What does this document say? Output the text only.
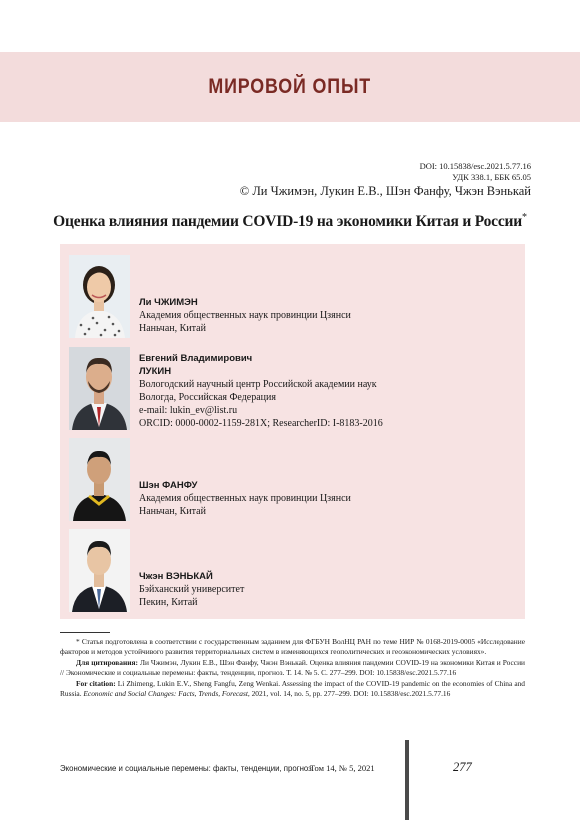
МИРОВОЙ ОПЫТ
DOI: 10.15838/esc.2021.5.77.16
УДК 338.1, ББК 65.05
© Ли Чжимэн, Лукин Е.В., Шэн Фанфу, Чжэн Вэнькай
Оценка влияния пандемии COVID-19 на экономики Китая и России*
Ли ЧЖИМЭН
Академия общественных наук провинции Цзянси
Наньчан, Китай
Евгений Владимирович
ЛУКИН
Вологодский научный центр Российской академии наук
Вологда, Российская Федерация
e-mail: lukin_ev@list.ru
ORCID: 0000-0002-1159-281X; ResearcherID: I-8183-2016
Шэн ФАНФУ
Академия общественных наук провинции Цзянси
Наньчан, Китай
Чжэн ВЭНЬКАЙ
Бэйханский университет
Пекин, Китай

* Статья подготовлена в соответствии с государственным заданием для ФГБУН ВолНЦ РАН по теме НИР № 0168-2019-0005 «Исследование факторов и методов устойчивого развития территориальных систем в изменяющихся геополитических и геоэкономических условиях».

Для цитирования: Ли Чжимэн, Лукин Е.В., Шэн Фанфу, Чжэн Вэнькай. Оценка влияния пандемии COVID-19 на экономики Китая и России // Экономические и социальные перемены: факты, тенденции, прогноз. Т. 14. № 5. С. 277–299. DOI: 10.15838/esc.2021.5.77.16

For citation: Li Zhimeng, Lukin E.V., Sheng Fangfu, Zeng Wenkai. Assessing the impact of the COVID-19 pandemic on the economies of China and Russia. Economic and Social Changes: Facts, Trends, Forecast, 2021, vol. 14, no. 5, pp. 277–299. DOI: 10.15838/esc.2021.5.77.16

Экономические и социальные перемены: факты, тенденции, прогноз
Том 14, № 5, 2021	277
